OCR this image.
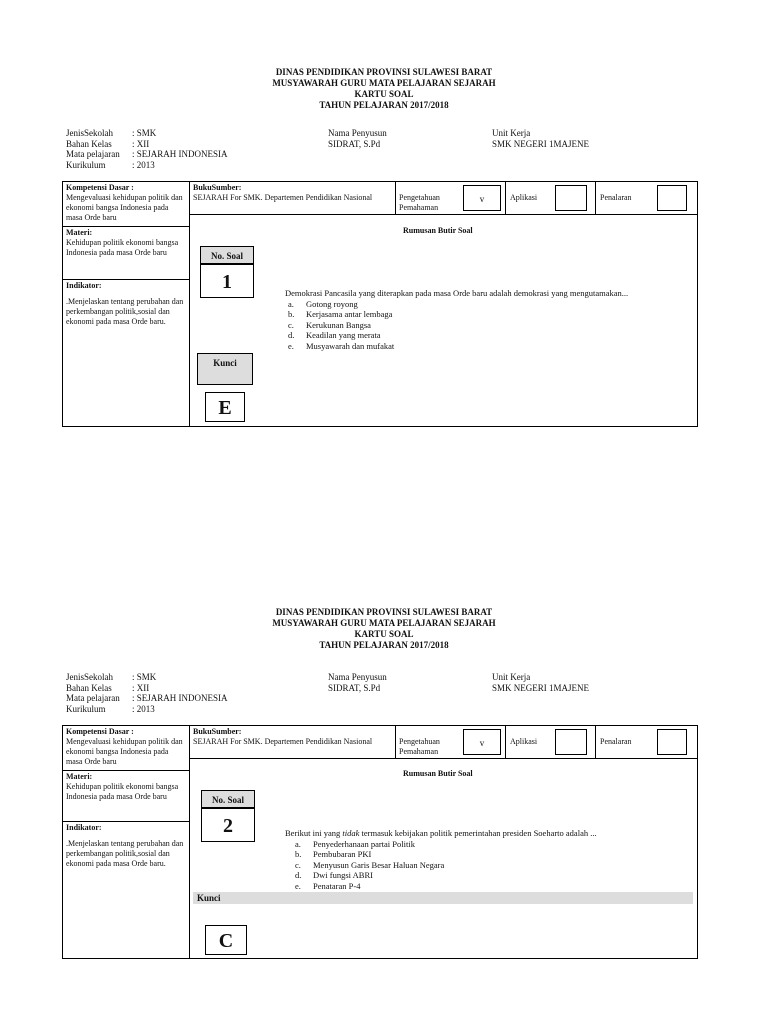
DINAS PENDIDIKAN PROVINSI SULAWESI BARAT
MUSYAWARAH GURU MATA PELAJARAN SEJARAH
KARTU SOAL
TAHUN PELAJARAN 2017/2018
JenisSekolah : SMK
Bahan Kelas : XII
Mata pelajaran : SEJARAH INDONESIA
Kurikulum	: 2013
Nama Penyusun
SIDRAT, S.Pd
Unit Kerja
SMK NEGERI 1MAJENE
Kompetensi Dasar :
Mengevaluasi kehidupan politik dan ekonomi bangsa Indonesia pada masa Orde baru
BukuSumber:
SEJARAH For SMK. Departemen Pendidikan Nasional	Pengetahuan Pemahaman
v	Aplikasi	Penalaran
Materi:
Kehidupan politik ekonomi bangsa Indonesia pada masa Orde baru
Indikator:
.Menjelaskan tentang perubahan dan perkembangan politik,sosial dan ekonomi pada masa Orde baru.
Rumusan Butir Soal
No. Soal
1
Kunci
E
Demokrasi Pancasila yang diterapkan pada masa Orde baru adalah demokrasi yang mengutamakan...
a. Gotong royong
b. Kerjasama antar lembaga
c. Kerukunan Bangsa
d. Keadilan yang merata
e. Musyawarah dan mufakat
DINAS PENDIDIKAN PROVINSI SULAWESI BARAT
MUSYAWARAH GURU MATA PELAJARAN SEJARAH
KARTU SOAL
TAHUN PELAJARAN 2017/2018
JenisSekolah : SMK
Bahan Kelas : XII
Mata pelajaran : SEJARAH INDONESIA
Kurikulum	: 2013
Nama Penyusun
SIDRAT, S.Pd
Unit Kerja
SMK NEGERI 1MAJENE
Kompetensi Dasar :
Mengevaluasi kehidupan politik dan ekonomi bangsa Indonesia pada masa Orde baru
BukuSumber:
SEJARAH For SMK. Departemen Pendidikan Nasional	Pengetahuan Pemahaman
v	Aplikasi	Penalaran
Materi:
Kehidupan politik ekonomi bangsa Indonesia pada masa Orde baru
Indikator:
.Menjelaskan tentang perubahan dan perkembangan politik,sosial dan ekonomi pada masa Orde baru.
Rumusan Butir Soal
No. Soal
2	Berikut ini yang tidak termasuk kebijakan politik pemerintahan presiden Soeharto adalah ...
a. Penyederhanaan partai Politik
b. Pembubaran PKI
c. Menyusun Garis Besar Haluan Negara
d. Dwi fungsi ABRI
e. Penataran P-4
Kunci
C
